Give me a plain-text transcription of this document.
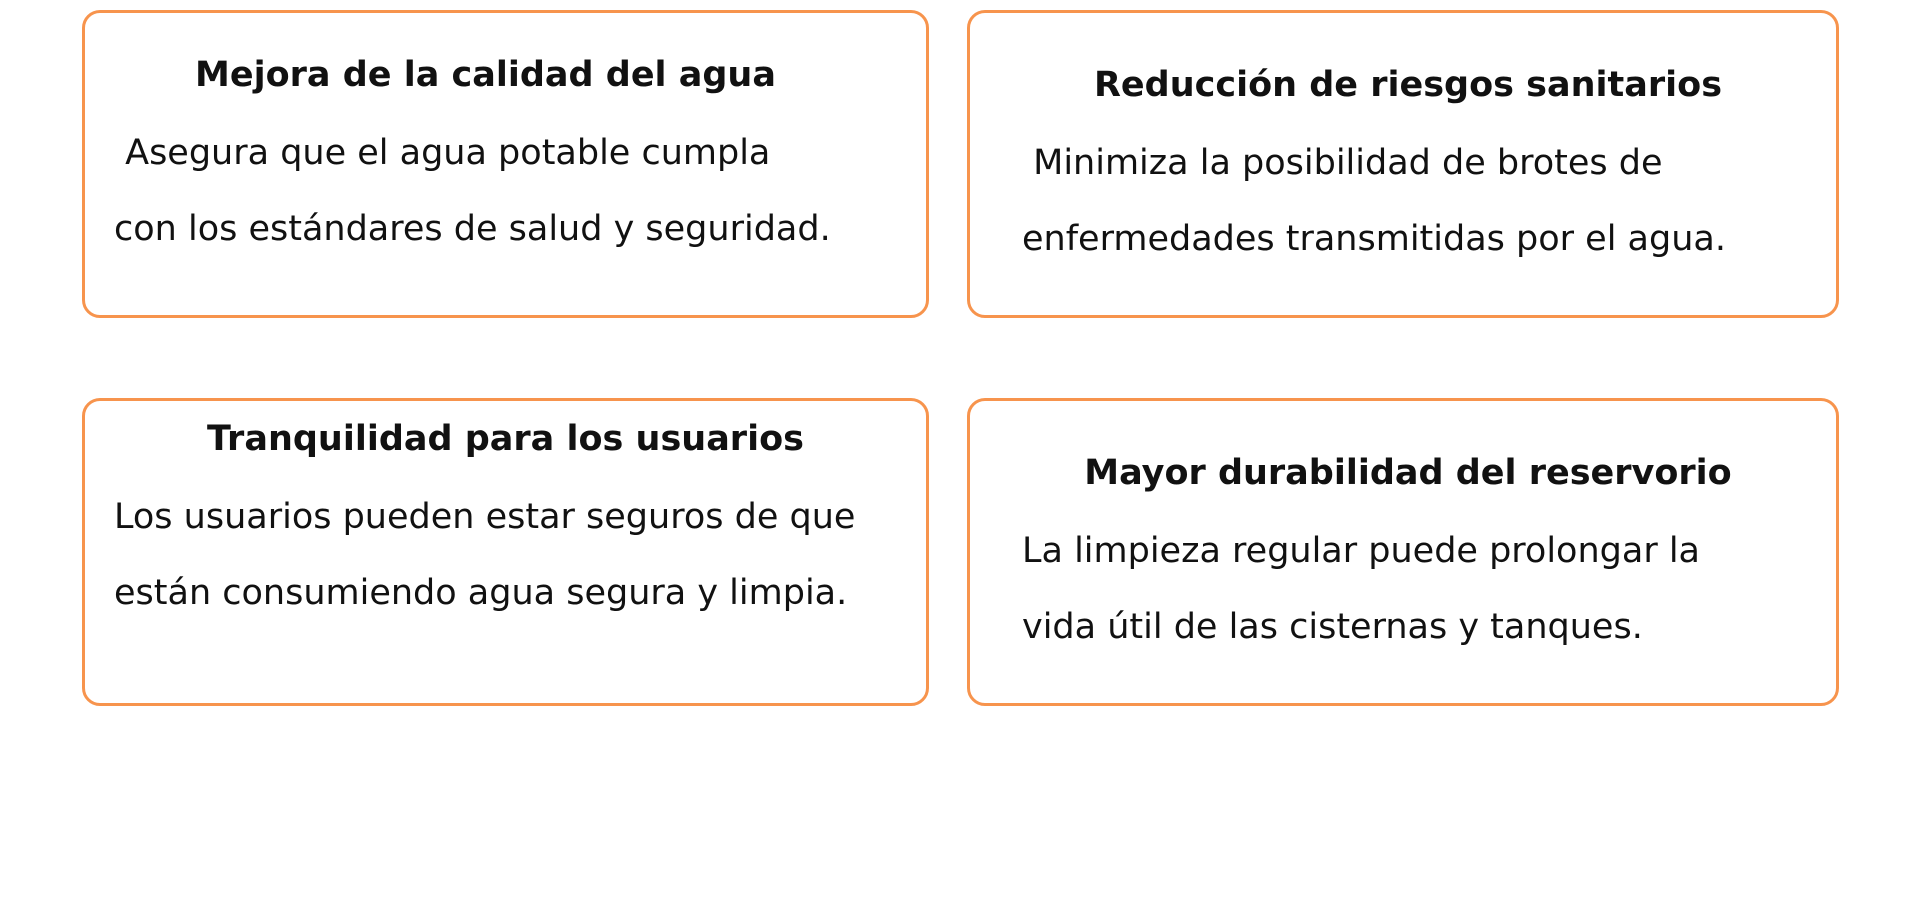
Mejora de la calidad del agua
Asegura que el agua potable cumpla
con los estándares de salud y seguridad.
Reducción de riesgos sanitarios
Minimiza la posibilidad de brotes de
enfermedades transmitidas por el agua.
Tranquilidad para los usuarios
Los usuarios pueden estar seguros de que
están consumiendo agua segura y limpia.
Mayor durabilidad del reservorio
La limpieza regular puede prolongar la
vida útil de las cisternas y tanques.
